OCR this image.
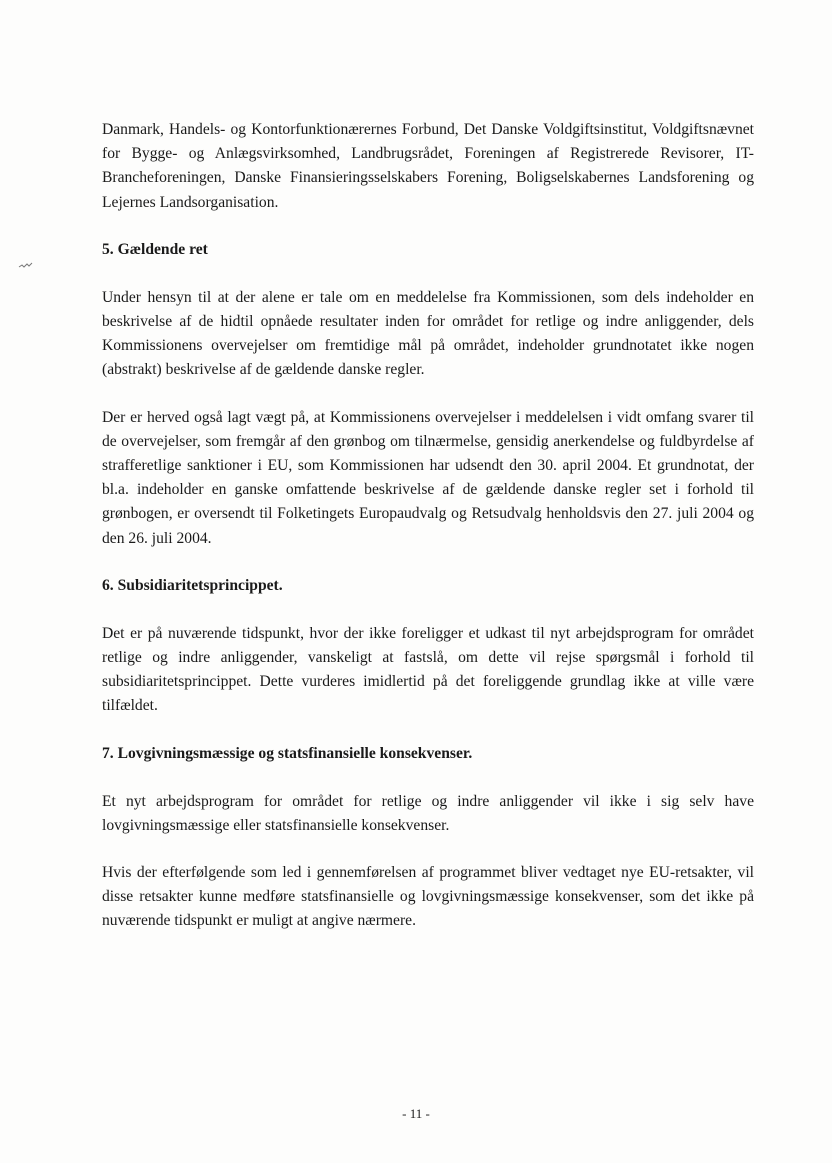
Danmark, Handels- og Kontorfunktionærernes Forbund, Det Danske Voldgiftsinstitut, Voldgiftsnævnet for Bygge- og Anlægsvirksomhed, Landbrugsrådet, Foreningen af Registrerede Revisorer, IT-Brancheforeningen, Danske Finansieringsselskabers Forening, Boligselskabernes Landsforening og Lejernes Landsorganisation.

5. Gældende ret

Under hensyn til at der alene er tale om en meddelelse fra Kommissionen, som dels indeholder en beskrivelse af de hidtil opnåede resultater inden for området for retlige og indre anliggender, dels Kommissionens overvejelser om fremtidige mål på området, indeholder grundnotatet ikke nogen (abstrakt) beskrivelse af de gældende danske regler.

Der er herved også lagt vægt på, at Kommissionens overvejelser i meddelelsen i vidt omfang svarer til de overvejelser, som fremgår af den grønbog om tilnærmelse, gensidig anerkendelse og fuldbyrdelse af strafferetlige sanktioner i EU, som Kommissionen har udsendt den 30. april 2004. Et grundnotat, der bl.a. indeholder en ganske omfattende beskrivelse af de gældende danske regler set i forhold til grønbogen, er oversendt til Folketingets Europaudvalg og Retsudvalg henholdsvis den 27. juli 2004 og den 26. juli 2004.

6. Subsidiaritetsprincippet.

Det er på nuværende tidspunkt, hvor der ikke foreligger et udkast til nyt arbejdsprogram for området retlige og indre anliggender, vanskeligt at fastslå, om dette vil rejse spørgsmål i forhold til subsidiaritetsprincippet. Dette vurderes imidlertid på det foreliggende grundlag ikke at ville være tilfældet.

7. Lovgivningsmæssige og statsfinansielle konsekvenser.

Et nyt arbejdsprogram for området for retlige og indre anliggender vil ikke i sig selv have lovgivningsmæssige eller statsfinansielle konsekvenser.

Hvis der efterfølgende som led i gennemførelsen af programmet bliver vedtaget nye EU-retsakter, vil disse retsakter kunne medføre statsfinansielle og lovgivningsmæssige konsekvenser, som det ikke på nuværende tidspunkt er muligt at angive nærmere.

- 11 -
